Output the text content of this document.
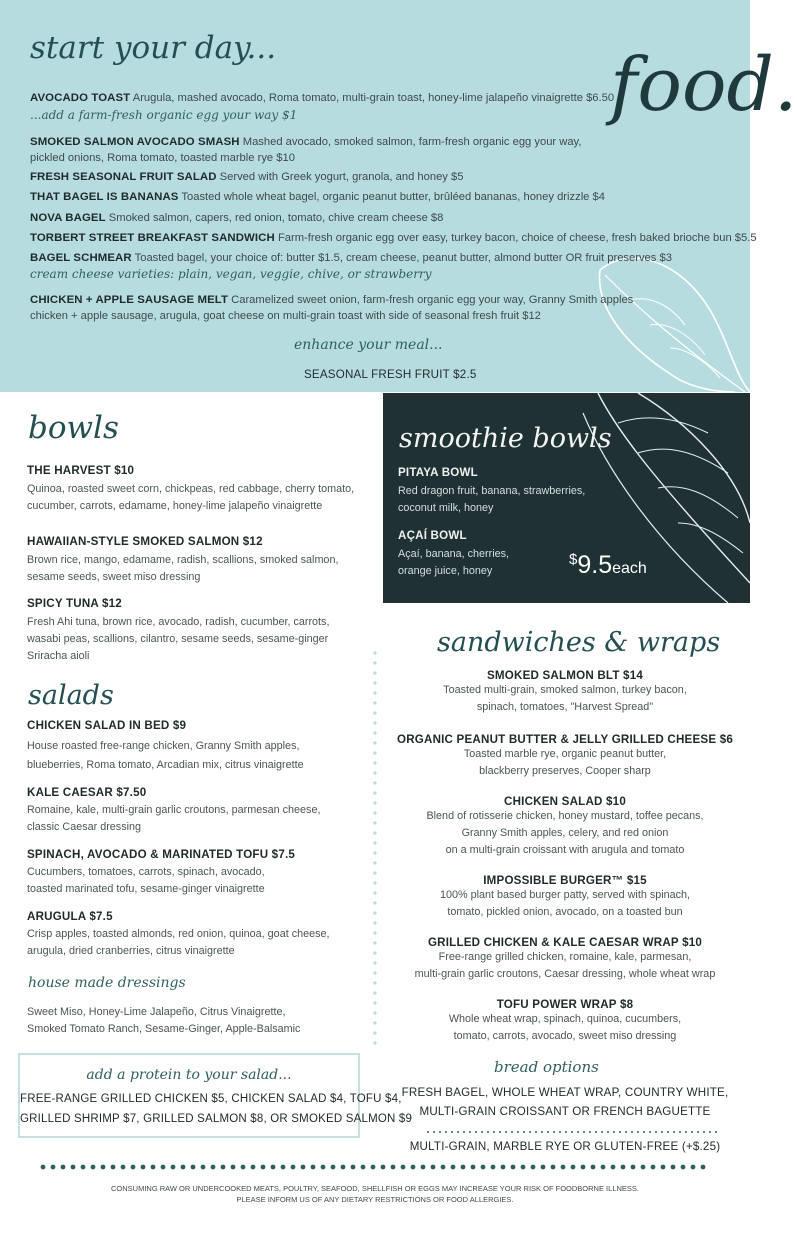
start your day...	food.
AVOCADO TOAST Arugula, mashed avocado, Roma tomato, multi-grain toast, honey-lime jalapeño vinaigrette $6.50
...add a farm-fresh organic egg your way $1
SMOKED SALMON AVOCADO SMASH Mashed avocado, smoked salmon, farm-fresh organic egg your way,
pickled onions, Roma tomato, toasted marble rye $10
FRESH SEASONAL FRUIT SALAD Served with Greek yogurt, granola, and honey $5
THAT BAGEL IS BANANAS Toasted whole wheat bagel, organic peanut butter, brûléed bananas, honey drizzle $4
NOVA BAGEL Smoked salmon, capers, red onion, tomato, chive cream cheese $8
TORBERT STREET BREAKFAST SANDWICH Farm-fresh organic egg over easy, turkey bacon, choice of cheese, fresh baked brioche bun $5.5
BAGEL SCHMEAR Toasted bagel, your choice of: butter $1.5, cream cheese, peanut butter, almond butter OR fruit preserves $3
cream cheese varieties: plain, vegan, veggie, chive, or strawberry
CHICKEN + APPLE SAUSAGE MELT Caramelized sweet onion, farm-fresh organic egg your way, Granny Smith apples
chicken + apple sausage, arugula, goat cheese on multi-grain toast with side of seasonal fresh fruit $12
enhance your meal...
SEASONAL FRESH FRUIT $2.5
bowls
THE HARVEST $10
Quinoa, roasted sweet corn, chickpeas, red cabbage, cherry tomato,
cucumber, carrots, edamame, honey-lime jalapeño vinaigrette
HAWAIIAN-STYLE SMOKED SALMON $12
Brown rice, mango, edamame, radish, scallions, smoked salmon,
sesame seeds, sweet miso dressing
SPICY TUNA $12
Fresh Ahi tuna, brown rice, avocado, radish, cucumber, carrots,
wasabi peas, scallions, cilantro, sesame seeds, sesame-ginger
Sriracha aioli
smoothie bowls
PITAYA BOWL
Red dragon fruit, banana, strawberries,
coconut milk, honey
AÇAÍ BOWL
Açaí, banana, cherries,
orange juice, honey
$9.5each
salads
CHICKEN SALAD IN BED $9
House roasted free-range chicken, Granny Smith apples,
blueberries, Roma tomato, Arcadian mix, citrus vinaigrette
KALE CAESAR $7.50
Romaine, kale, multi-grain garlic croutons, parmesan cheese,
classic Caesar dressing
SPINACH, AVOCADO & MARINATED TOFU $7.5
Cucumbers, tomatoes, carrots, spinach, avocado,
toasted marinated tofu, sesame-ginger vinaigrette
ARUGULA $7.5
Crisp apples, toasted almonds, red onion, quinoa, goat cheese,
arugula, dried cranberries, citrus vinaigrette
house made dressings
Sweet Miso, Honey-Lime Jalapeño, Citrus Vinaigrette,
Smoked Tomato Ranch, Sesame-Ginger, Apple-Balsamic
add a protein to your salad...
FREE-RANGE GRILLED CHICKEN $5, CHICKEN SALAD $4, TOFU $4,
GRILLED SHRIMP $7, GRILLED SALMON $8, OR SMOKED SALMON $9
sandwiches & wraps
SMOKED SALMON BLT $14
Toasted multi-grain, smoked salmon, turkey bacon,
spinach, tomatoes, "Harvest Spread"
ORGANIC PEANUT BUTTER & JELLY GRILLED CHEESE $6
Toasted marble rye, organic peanut butter,
blackberry preserves, Cooper sharp
CHICKEN SALAD $10
Blend of rotisserie chicken, honey mustard, toffee pecans,
Granny Smith apples, celery, and red onion
on a multi-grain croissant with arugula and tomato
IMPOSSIBLE BURGER™ $15
100% plant based burger patty, served with spinach,
tomato, pickled onion, avocado, on a toasted bun
GRILLED CHICKEN & KALE CAESAR WRAP $10
Free-range grilled chicken, romaine, kale, parmesan,
multi-grain garlic croutons, Caesar dressing, whole wheat wrap
TOFU POWER WRAP $8
Whole wheat wrap, spinach, quinoa, cucumbers,
tomato, carrots, avocado, sweet miso dressing
bread options
FRESH BAGEL, WHOLE WHEAT WRAP, COUNTRY WHITE,
MULTI-GRAIN CROISSANT OR FRENCH BAGUETTE
MULTI-GRAIN, MARBLE RYE OR GLUTEN-FREE (+$.25)
CONSUMING RAW OR UNDERCOOKED MEATS, POULTRY, SEAFOOD, SHELLFISH OR EGGS MAY INCREASE YOUR RISK OF FOODBORNE ILLNESS.
PLEASE INFORM US OF ANY DIETARY RESTRICTIONS OR FOOD ALLERGIES.
